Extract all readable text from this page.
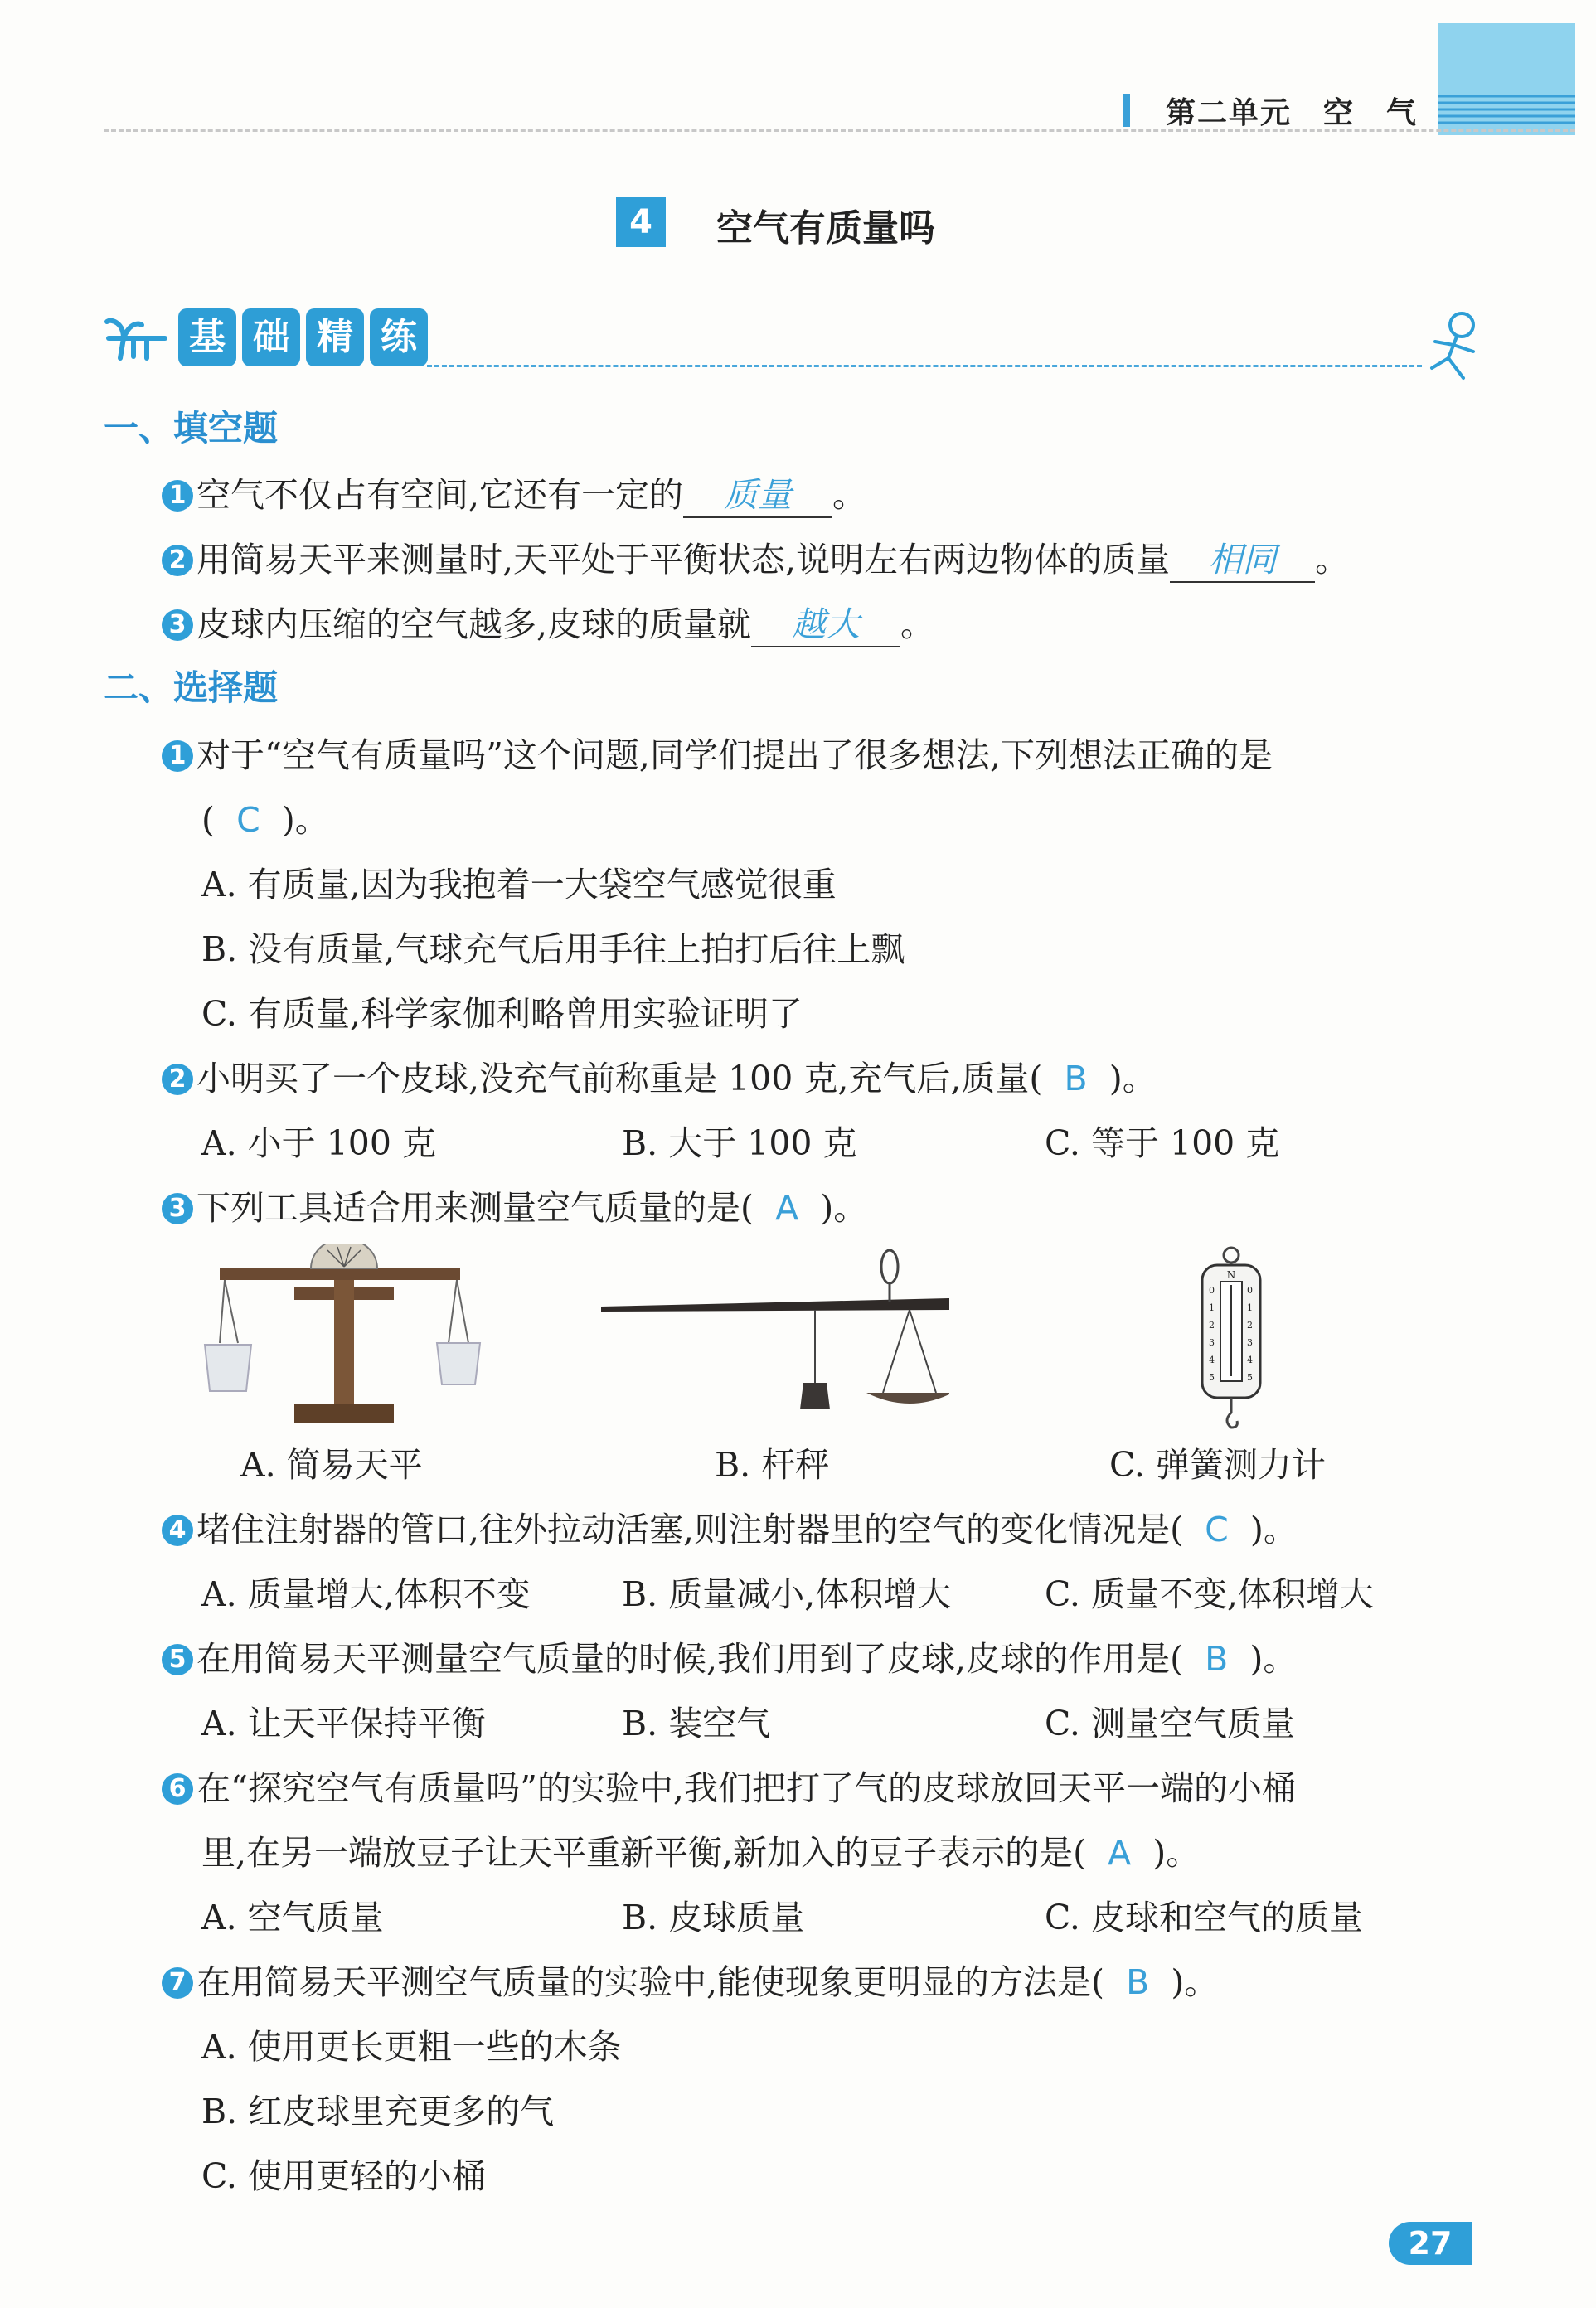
第二单元　空　气
4	空气有质量吗
基 础 精 练
一、填空题
1 空气不仅占有空间,它还有一定的 质量 。
2 用简易天平来测量时,天平处于平衡状态,说明左右两边物体的质量 相同 。
3 皮球内压缩的空气越多,皮球的质量就 越大 。
二、选择题
1 对于“空气有质量吗”这个问题,同学们提出了很多想法,下列想法正确的是
( C )。
A. 有质量,因为我抱着一大袋空气感觉很重
B. 没有质量,气球充气后用手往上拍打后往上飘
C. 有质量,科学家伽利略曾用实验证明了
2 小明买了一个皮球,没充气前称重是 100 克,充气后,质量( B )。
A. 小于 100 克	B. 大于 100 克	C. 等于 100 克
3 下列工具适合用来测量空气质量的是( A )。
A. 简易天平	B. 杆秤
N
0
1
2
3
4
5
0
1
2
3
4
5
C. 弹簧测力计
4 堵住注射器的管口,往外拉动活塞,则注射器里的空气的变化情况是( C )。
A. 质量增大,体积不变	B. 质量减小,体积增大	C. 质量不变,体积增大
5 在用简易天平测量空气质量的时候,我们用到了皮球,皮球的作用是( B )。
A. 让天平保持平衡	B. 装空气	C. 测量空气质量
6 在“探究空气有质量吗”的实验中,我们把打了气的皮球放回天平一端的小桶
里,在另一端放豆子让天平重新平衡,新加入的豆子表示的是( A )。
A. 空气质量	B. 皮球质量	C. 皮球和空气的质量
7 在用简易天平测空气质量的实验中,能使现象更明显的方法是( B )。
A. 使用更长更粗一些的木条
B. 红皮球里充更多的气
C. 使用更轻的小桶
27
